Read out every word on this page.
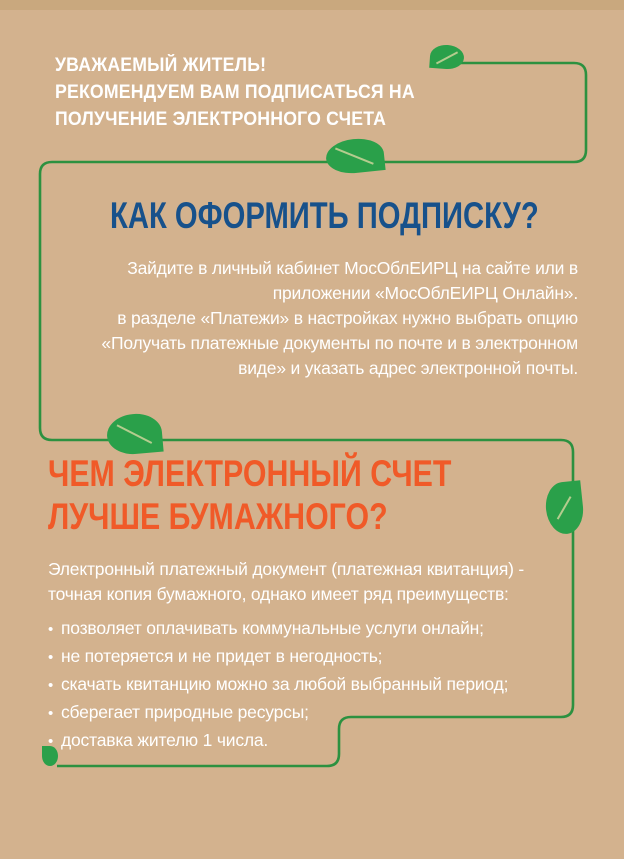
УВАЖАЕМЫЙ ЖИТЕЛЬ!
РЕКОМЕНДУЕМ ВАМ ПОДПИСАТЬСЯ НА
ПОЛУЧЕНИЕ ЭЛЕКТРОННОГО СЧЕТА
КАК ОФОРМИТЬ ПОДПИСКУ?
Зайдите в личный кабинет МосОблЕИРЦ на сайте или в
приложении «МосОблЕИРЦ Онлайн».
в разделе «Платежи» в настройках нужно выбрать опцию
«Получать платежные документы по почте и в электронном
виде» и указать адрес электронной почты.
ЧЕМ ЭЛЕКТРОННЫЙ СЧЕТ
ЛУЧШЕ БУМАЖНОГО?
Электронный платежный документ (платежная квитанция) -
точная копия бумажного, однако имеет ряд преимуществ:
• позволяет оплачивать коммунальные услуги онлайн;
• не потеряется и не придет в негодность;
• скачать квитанцию можно за любой выбранный период;
• сберегает природные ресурсы;
• доставка жителю 1 числа.
